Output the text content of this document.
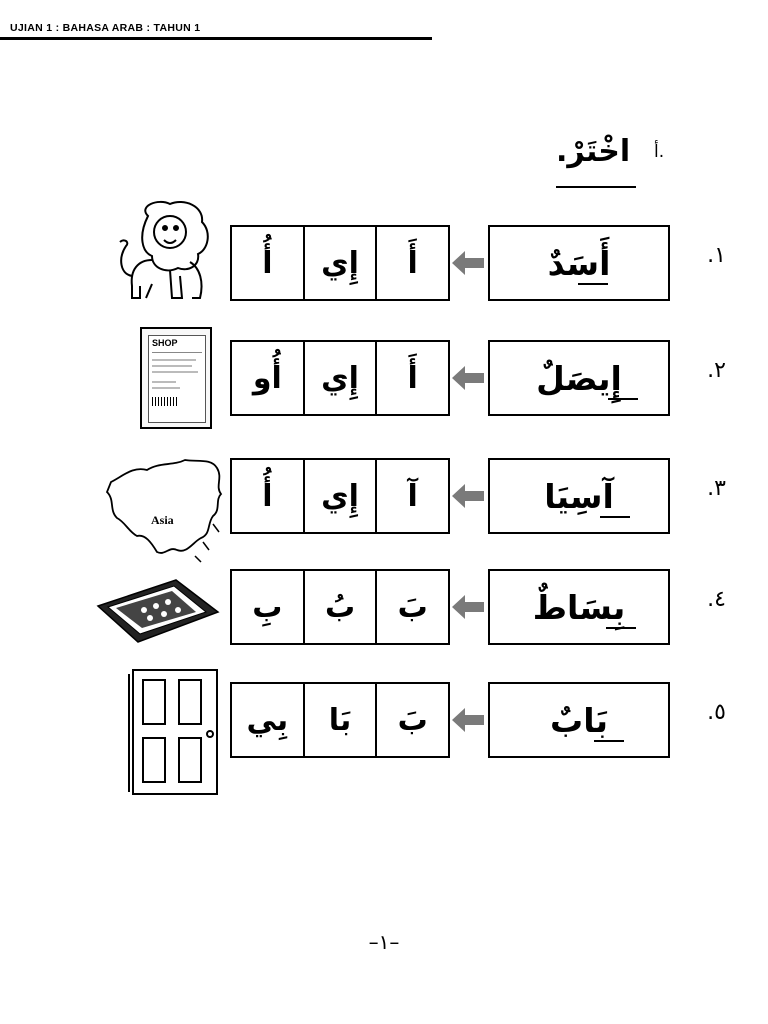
UJIAN 1 : BAHASA ARAB : TAHUN 1
أ.
اخْتَرْ.
١.
أَسَدٌ
أُ إِي أَ
٢.
إِيصَلٌ
أُو إِي أَ
٣.
آسِيَا
أُ إِي آ
٤.
بِسَاطٌ
بِ بُ بَ
٥.
بَابٌ
بِي بَا بَ
SHOP
Asia
–١–
